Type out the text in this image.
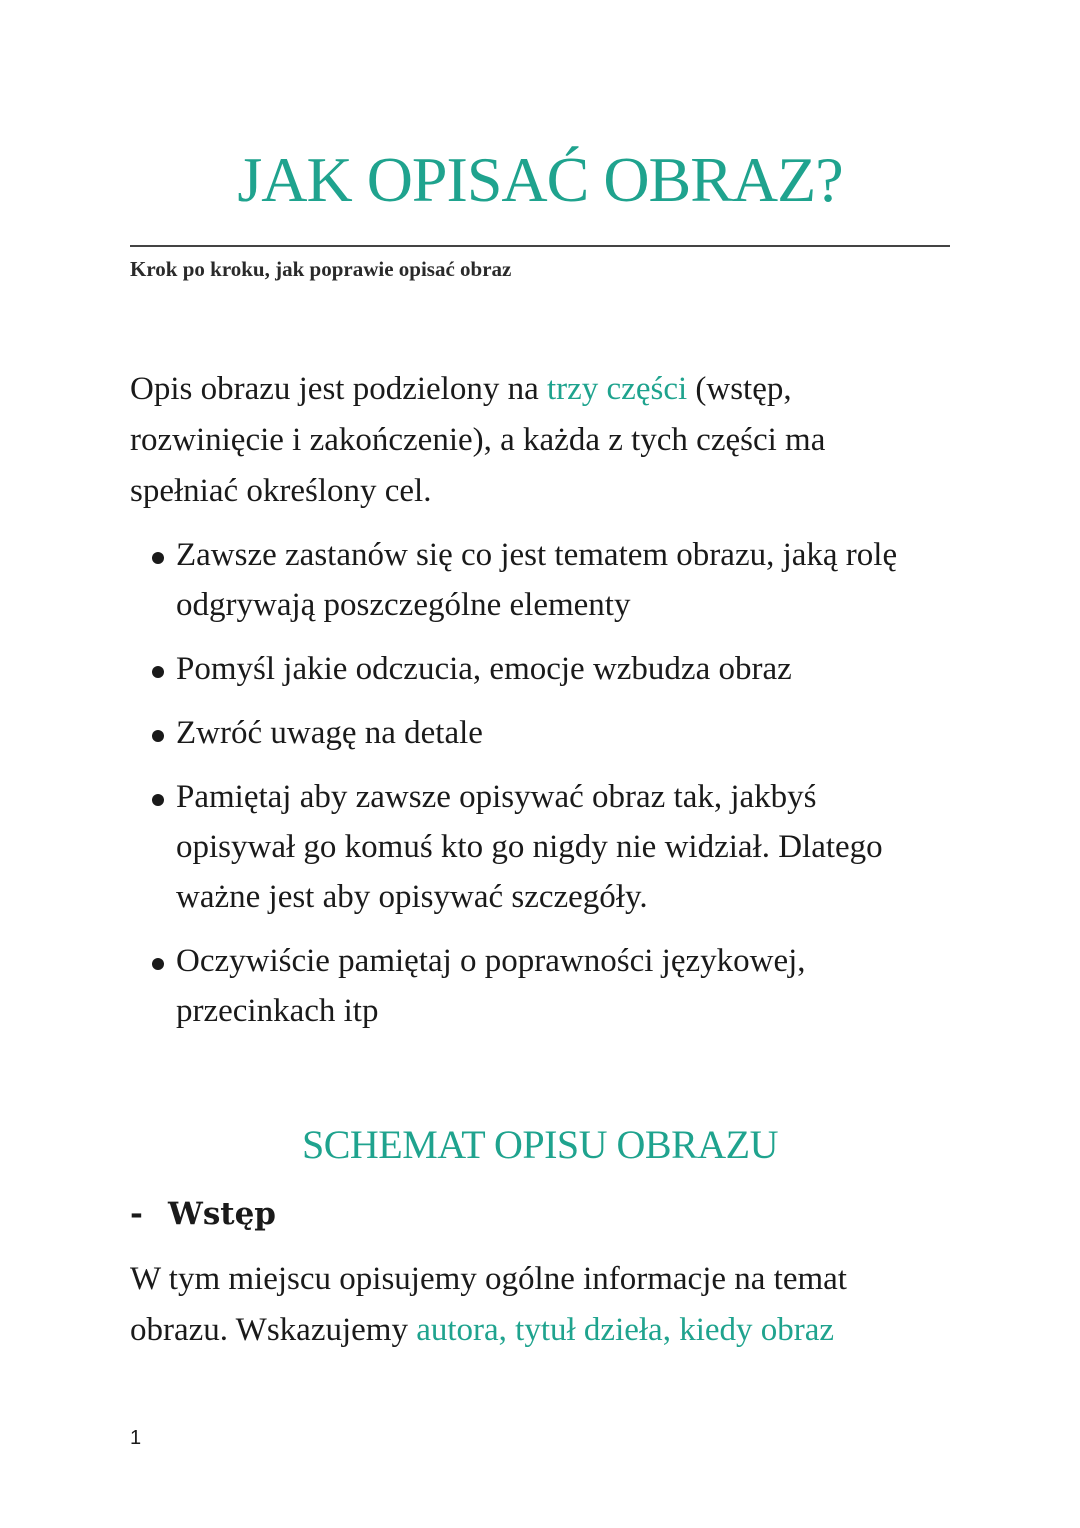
JAK OPISAĆ OBRAZ?

Krok po kroku, jak poprawie opisać obraz

Opis obrazu jest podzielony na trzy części (wstęp, rozwinięcie i zakończenie), a każda z tych części ma spełniać określony cel.

Zawsze zastanów się co jest tematem obrazu, jaką rolę odgrywają poszczególne elementy
Pomyśl jakie odczucia, emocje wzbudza obraz
Zwróć uwagę na detale
Pamiętaj aby zawsze opisywać obraz tak, jakbyś opisywał go komuś kto go nigdy nie widział. Dlatego ważne jest aby opisywać szczegóły.
Oczywiście pamiętaj o poprawności językowej, przecinkach itp
SCHEMAT OPISU OBRAZU
- Wstęp

W tym miejscu opisujemy ogólne informacje na temat obrazu. Wskazujemy autora, tytuł dzieła, kiedy obraz

1
